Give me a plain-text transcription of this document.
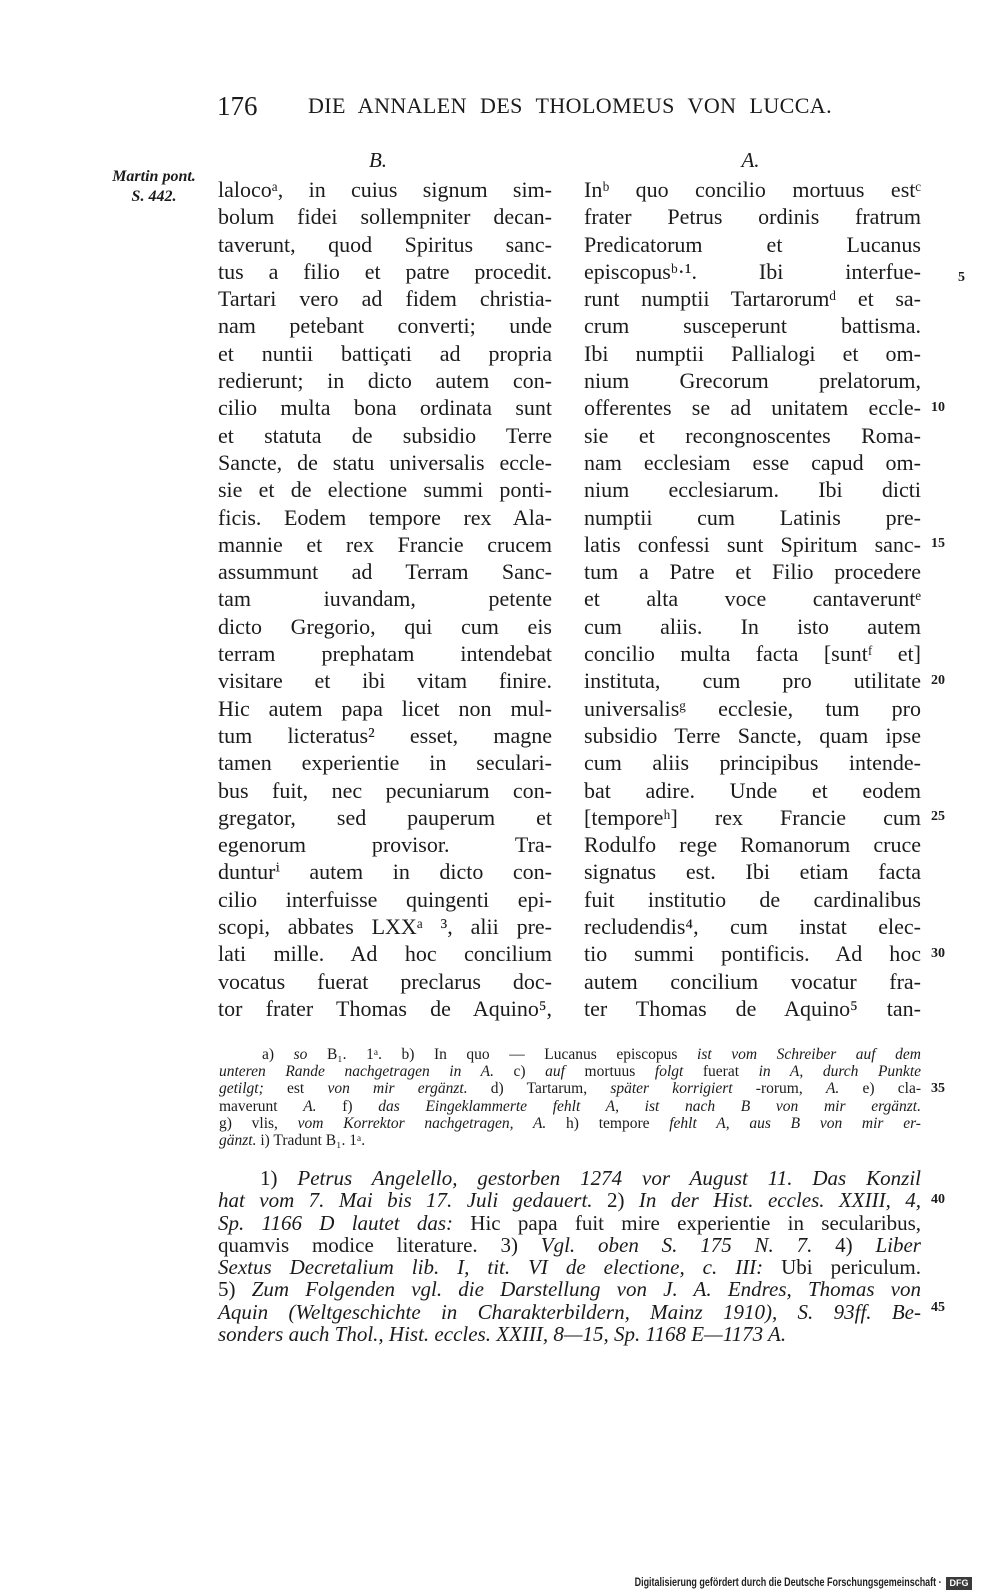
176 DIE ANNALEN DES THOLOMEUS VON LUCCA.
Martin pont.
S. 442.
B.	A.
lalocoᵃ, in cuius signum sim-
bolum fidei sollempniter decan-
taverunt, quod Spiritus sanc-
tus a filio et patre procedit.
Tartari vero ad fidem christia-
nam petebant converti; unde
et nuntii battiçati ad propria
redierunt; in dicto autem con-
cilio multa bona ordinata sunt
et statuta de subsidio Terre
Sancte, de statu universalis eccle-
sie et de electione summi ponti-
ficis. Eodem tempore rex Ala-
mannie et rex Francie crucem
assummunt ad Terram Sanc-
tam iuvandam, petente
dicto Gregorio, qui cum eis
terram prephatam intendebat
visitare et ibi vitam finire.
Hic autem papa licet non mul-
tum licteratus² esset, magne
tamen experientie in seculari-
bus fuit, nec pecuniarum con-
gregator, sed pauperum et
egenorum provisor. Tra-
dunturⁱ autem in dicto con-
cilio interfuisse quingenti epi-
scopi, abbates LXXᵃ ³, alii pre-
lati mille. Ad hoc concilium
vocatus fuerat preclarus doc-
tor frater Thomas de Aquino⁵,
Inᵇ quo concilio mortuus estᶜ
frater Petrus ordinis fratrum
Predicatorum et Lucanus
episcopusᵇ·¹. Ibi interfue-
runt numptii Tartarorumᵈ et sa-
crum susceperunt battisma.
Ibi numptii Pallialogi et om-
nium Grecorum prelatorum,
offerentes se ad unitatem eccle-
sie et recongnoscentes Roma-
nam ecclesiam esse capud om-
nium ecclesiarum. Ibi dicti
numptii cum Latinis pre-
latis confessi sunt Spiritum sanc-
tum a Patre et Filio procedere
et alta voce cantaveruntᵉ
cum aliis. In isto autem
concilio multa facta [suntᶠ et]
instituta, cum pro utilitate
universalisᵍ ecclesie, tum pro
subsidio Terre Sancte, quam ipse
cum aliis principibus intende-
bat adire. Unde et eodem
[temporeʰ] rex Francie cum
Rodulfo rege Romanorum cruce
signatus est. Ibi etiam facta
fuit institutio de cardinalibus
recludendis⁴, cum instat elec-
tio summi pontificis. Ad hoc
autem concilium vocatur fra-
ter Thomas de Aquino⁵ tan-
5
10
15
20
25
30
35
40
45
a) so B₁. 1ᵃ. b) In quo — Lucanus episcopus ist vom Schreiber auf dem
unteren Rande nachgetragen in A. c) auf mortuus folgt fuerat in A, durch Punkte
getilgt; est von mir ergänzt. d) Tartarum, später korrigiert -rorum, A. e) cla-
maverunt A. f) das Eingeklammerte fehlt A, ist nach B von mir ergänzt.
g) vlis, vom Korrektor nachgetragen, A. h) tempore fehlt A, aus B von mir er-
gänzt. i) Tradunt B₁. 1ᵃ.
1) Petrus Angelello, gestorben 1274 vor August 11. Das Konzil
hat vom 7. Mai bis 17. Juli gedauert. 2) In der Hist. eccles. XXIII, 4,
Sp. 1166 D lautet das: Hic papa fuit mire experientie in secularibus,
quamvis modice literature. 3) Vgl. oben S. 175 N. 7. 4) Liber
Sextus Decretalium lib. I, tit. VI de electione, c. III: Ubi periculum.
5) Zum Folgenden vgl. die Darstellung von J. A. Endres, Thomas von
Aquin (Weltgeschichte in Charakterbildern, Mainz 1910), S. 93ff. Be-
sonders auch Thol., Hist. eccles. XXIII, 8—15, Sp. 1168 E—1173 A.
Digitalisierung gefördert durch die Deutsche Forschungsgemeinschaft · DFG
